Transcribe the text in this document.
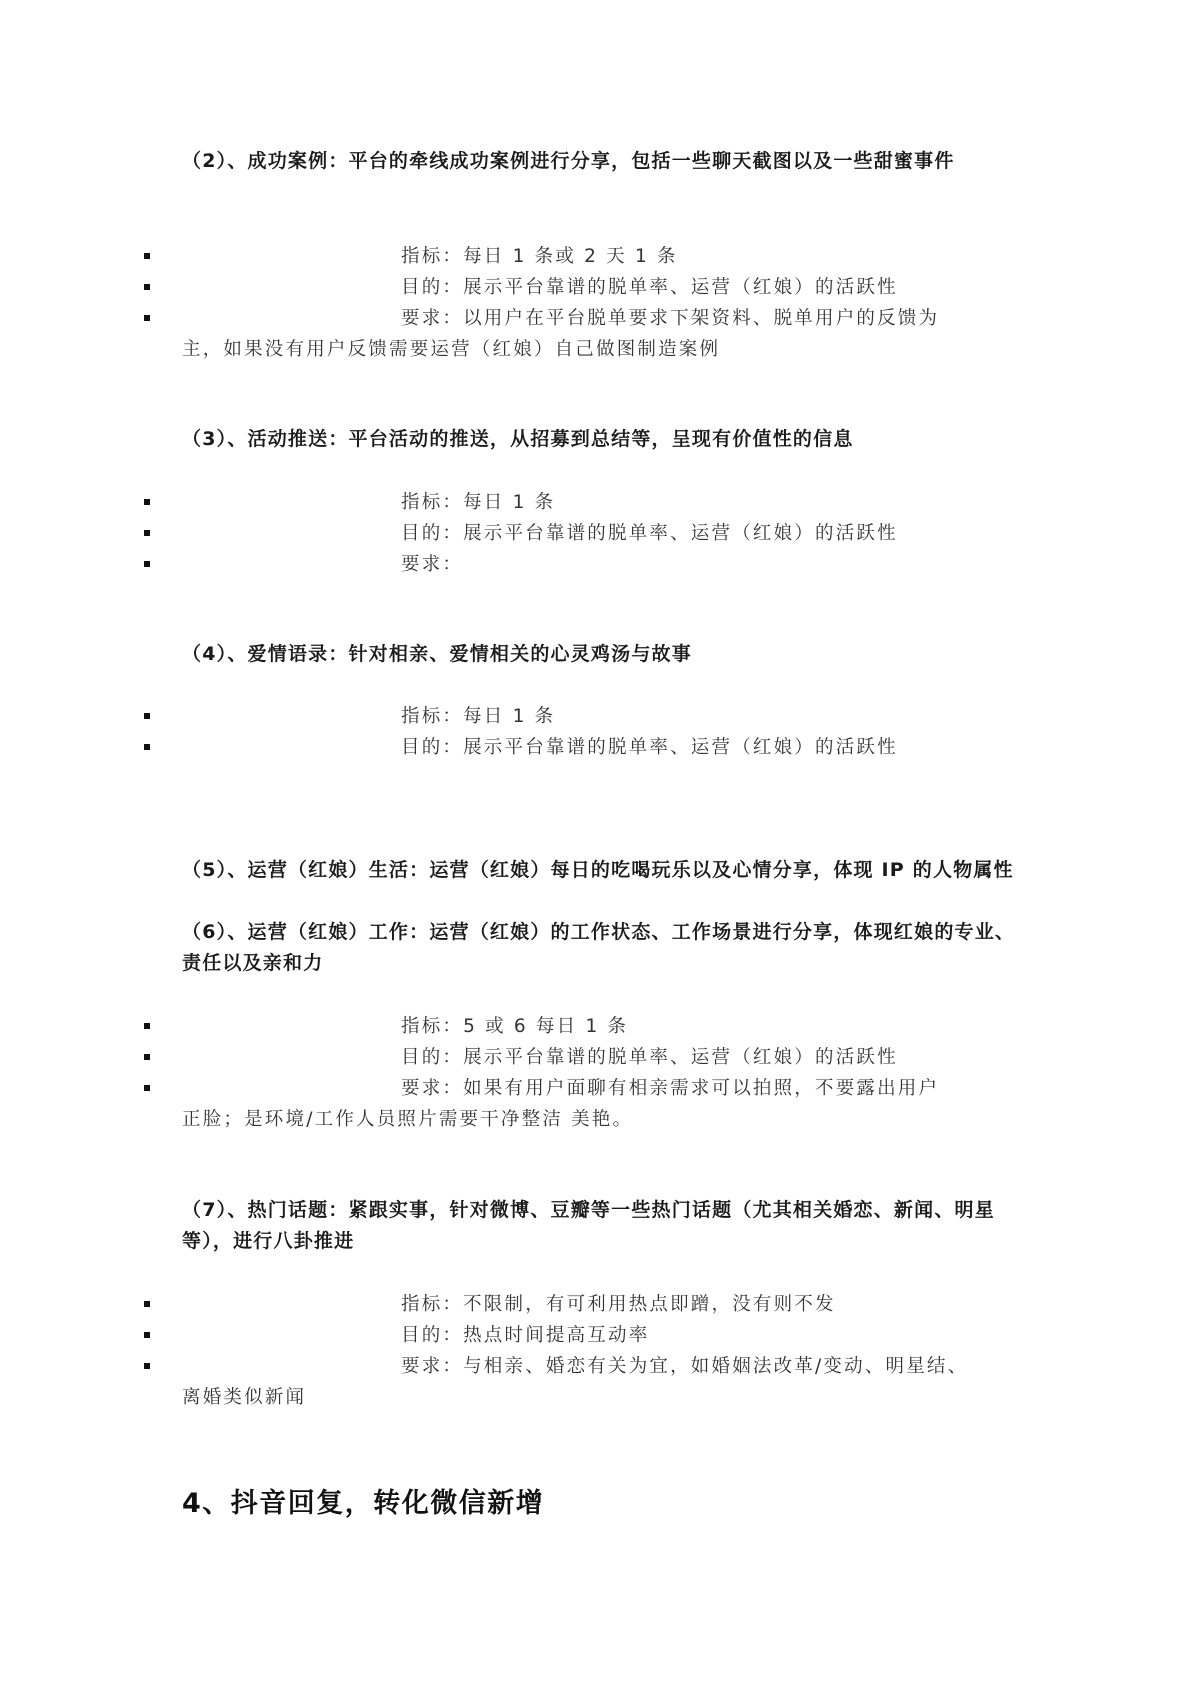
（2）、成功案例：平台的牵线成功案例进行分享，包括一些聊天截图以及一些甜蜜事件
指标：每日 1 条或 2 天 1 条
目的：展示平台靠谱的脱单率、运营（红娘）的活跃性
要求：以用户在平台脱单要求下架资料、脱单用户的反馈为
主，如果没有用户反馈需要运营（红娘）自己做图制造案例
（3）、活动推送：平台活动的推送，从招募到总结等，呈现有价值性的信息
指标：每日 1 条
目的：展示平台靠谱的脱单率、运营（红娘）的活跃性
要求：
（4）、爱情语录：针对相亲、爱情相关的心灵鸡汤与故事
指标：每日 1 条
目的：展示平台靠谱的脱单率、运营（红娘）的活跃性
（5）、运营（红娘）生活：运营（红娘）每日的吃喝玩乐以及心情分享，体现 IP 的人物属性
（6）、运营（红娘）工作：运营（红娘）的工作状态、工作场景进行分享，体现红娘的专业、责任以及亲和力
指标：5 或 6 每日 1 条
目的：展示平台靠谱的脱单率、运营（红娘）的活跃性
要求：如果有用户面聊有相亲需求可以拍照，不要露出用户
正脸；是环境/工作人员照片需要干净整洁 美艳。
（7）、热门话题：紧跟实事，针对微博、豆瓣等一些热门话题（尤其相关婚恋、新闻、明星等），进行八卦推进
指标：不限制，有可利用热点即蹭，没有则不发
目的：热点时间提高互动率
要求：与相亲、婚恋有关为宜，如婚姻法改革/变动、明星结、
离婚类似新闻
4、抖音回复，转化微信新增
